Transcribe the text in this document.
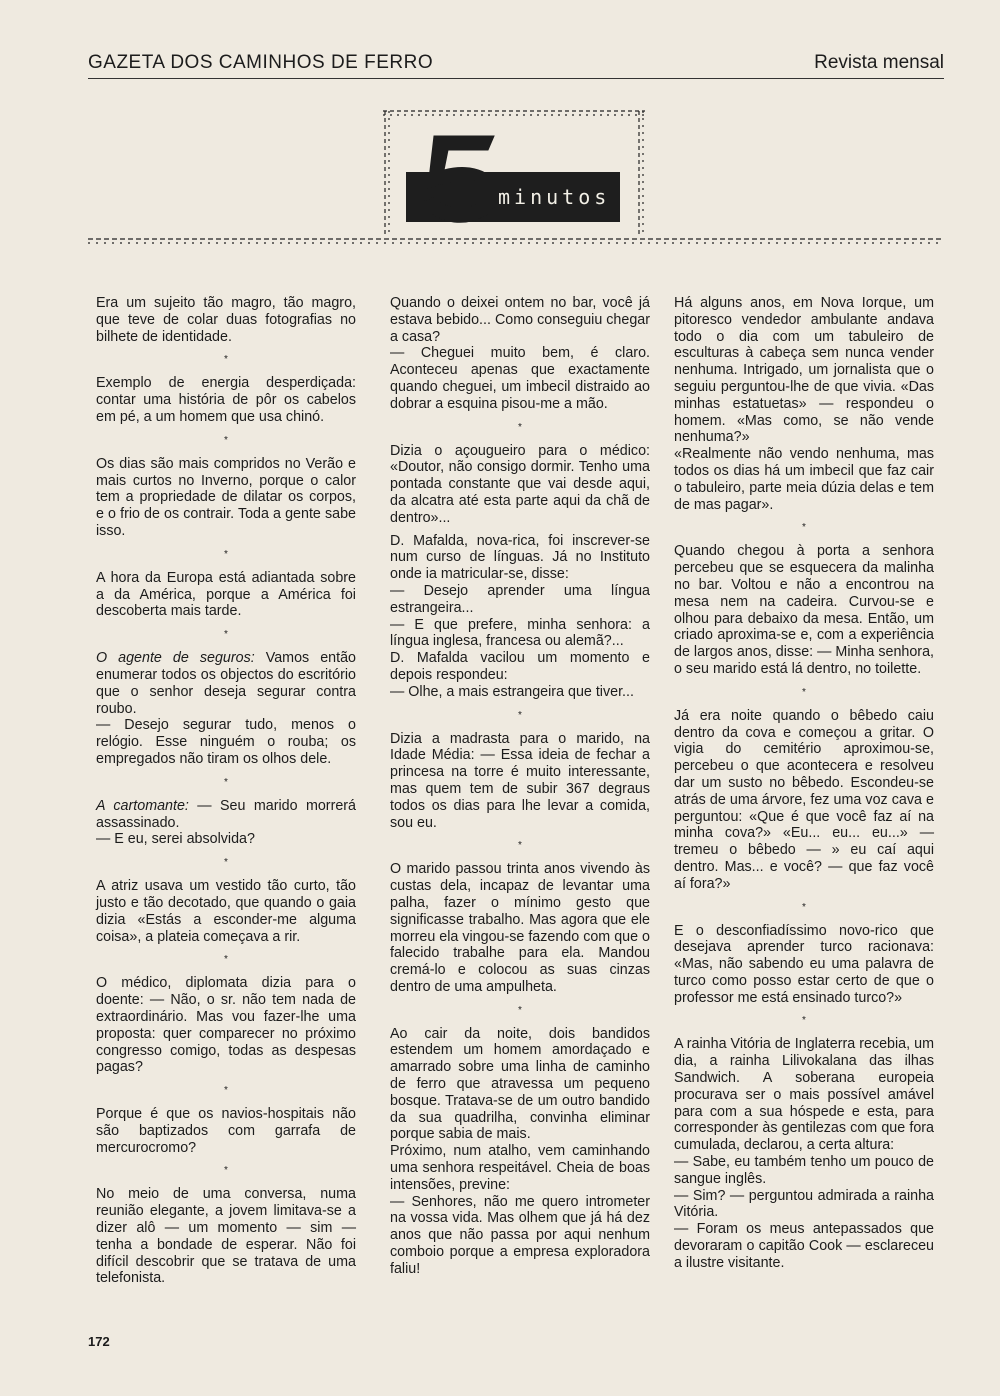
GAZETA DOS CAMINHOS DE FERRO	Revista mensal
minutos

Era um sujeito tão magro, tão magro, que teve de colar duas fotografias no bilhete de identidade.

*

Exemplo de energia desperdiçada: contar uma história de pôr os cabelos em pé, a um homem que usa chinó.

*

Os dias são mais compridos no Verão e mais curtos no Inverno, porque o calor tem a propriedade de dilatar os corpos, e o frio de os contrair. Toda a gente sabe isso.

*

A hora da Europa está adiantada sobre a da América, porque a América foi descoberta mais tarde.

*

O agente de seguros: Vamos então enumerar todos os objectos do escritório que o senhor deseja segurar contra roubo.

— Desejo segurar tudo, menos o relógio. Esse ninguém o rouba; os empregados não tiram os olhos dele.

*

A cartomante: — Seu marido morrerá assassinado.

— E eu, serei absolvida?

*

A atriz usava um vestido tão curto, tão justo e tão decotado, que quando o gaia dizia «Estás a esconder-me alguma coisa», a plateia começava a rir.

*

O médico, diplomata dizia para o doente: — Não, o sr. não tem nada de extraordinário. Mas vou fazer-lhe uma proposta: quer comparecer no próximo congresso comigo, todas as despesas pagas?

*

Porque é que os navios-hospitais não são baptizados com garrafa de mercurocromo?

*

No meio de uma conversa, numa reunião elegante, a jovem limitava-se a dizer alô — um momento — sim — tenha a bondade de esperar. Não foi difícil descobrir que se tratava de uma telefonista.

Quando o deixei ontem no bar, você já estava bebido... Como conseguiu chegar a casa?

— Cheguei muito bem, é claro. Aconteceu apenas que exactamente quando cheguei, um imbecil distraido ao dobrar a esquina pisou-me a mão.

*

Dizia o açougueiro para o médico: «Doutor, não consigo dormir. Tenho uma pontada constante que vai desde aqui, da alcatra até esta parte aqui da chã de dentro»...

D. Mafalda, nova-rica, foi inscrever-se num curso de línguas. Já no Instituto onde ia matricular-se, disse:

— Desejo aprender uma língua estrangeira...

— E que prefere, minha senhora: a língua inglesa, francesa ou alemã?...

D. Mafalda vacilou um momento e depois respondeu:

— Olhe, a mais estrangeira que tiver...

*

Dizia a madrasta para o marido, na Idade Média: — Essa ideia de fechar a princesa na torre é muito interessante, mas quem tem de subir 367 degraus todos os dias para lhe levar a comida, sou eu.

*

O marido passou trinta anos vivendo às custas dela, incapaz de levantar uma palha, fazer o mínimo gesto que significasse trabalho. Mas agora que ele morreu ela vingou-se fazendo com que o falecido trabalhe para ela. Mandou cremá-lo e colocou as suas cinzas dentro de uma ampulheta.

*

Ao cair da noite, dois bandidos estendem um homem amordaçado e amarrado sobre uma linha de caminho de ferro que atravessa um pequeno bosque. Tratava-se de um outro bandido da sua quadrilha, convinha eliminar porque sabia de mais.

Próximo, num atalho, vem caminhando uma senhora respeitável. Cheia de boas intensões, previne:

— Senhores, não me quero intrometer na vossa vida. Mas olhem que já há dez anos que não passa por aqui nenhum comboio porque a empresa exploradora faliu!

Há alguns anos, em Nova Iorque, um pitoresco vendedor ambulante andava todo o dia com um tabuleiro de esculturas à cabeça sem nunca vender nenhuma. Intrigado, um jornalista que o seguiu perguntou-lhe de que vivia. «Das minhas estatuetas» — respondeu o homem. «Mas como, se não vende nenhuma?»

«Realmente não vendo nenhuma, mas todos os dias há um imbecil que faz cair o tabuleiro, parte meia dúzia delas e tem de mas pagar».

*

Quando chegou à porta a senhora percebeu que se esquecera da malinha no bar. Voltou e não a encontrou na mesa nem na cadeira. Curvou-se e olhou para debaixo da mesa. Então, um criado aproxima-se e, com a experiência de largos anos, disse: — Minha senhora, o seu marido está lá dentro, no toilette.

*

Já era noite quando o bêbedo caiu dentro da cova e começou a gritar. O vigia do cemitério aproximou-se, percebeu o que acontecera e resolveu dar um susto no bêbedo. Escondeu-se atrás de uma árvore, fez uma voz cava e perguntou: «Que é que você faz aí na minha cova?» «Eu... eu... eu...» — tremeu o bêbedo — » eu caí aqui dentro. Mas... e você? — que faz você aí fora?»

*

E o desconfiadíssimo novo-rico que desejava aprender turco racionava: «Mas, não sabendo eu uma palavra de turco como posso estar certo de que o professor me está ensinado turco?»

*

A rainha Vitória de Inglaterra recebia, um dia, a rainha Lilivokalana das ilhas Sandwich. A soberana europeia procurava ser o mais possível amável para com a sua hóspede e esta, para corresponder às gentilezas com que fora cumulada, declarou, a certa altura:

— Sabe, eu também tenho um pouco de sangue inglês.

— Sim? — perguntou admirada a rainha Vitória.

— Foram os meus antepassados que devoraram o capitão Cook — esclareceu a ilustre visitante.

172
